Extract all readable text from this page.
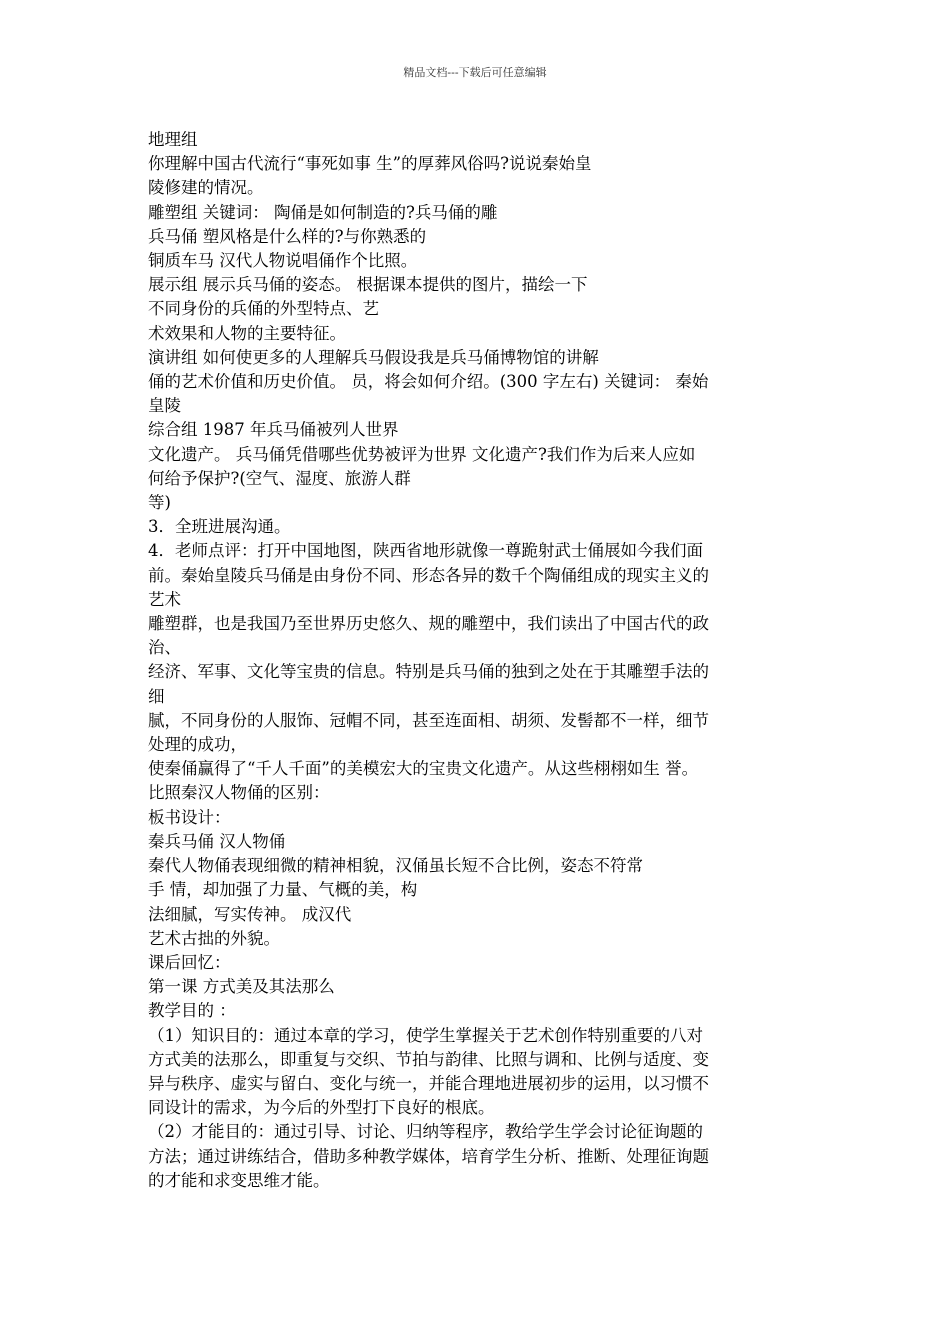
精品文档---下载后可任意编辑

地理组

你理解中国古代流行“事死如事 生”的厚葬风俗吗?说说秦始皇

陵修建的情况。

雕塑组 关键词： 陶俑是如何制造的?兵马俑的雕

兵马俑 塑风格是什么样的?与你熟悉的

铜质车马 汉代人物说唱俑作个比照。

展示组 展示兵马俑的姿态。 根据课本提供的图片，描绘一下

不同身份的兵俑的外型特点、艺

术效果和人物的主要特征。

演讲组 如何使更多的人理解兵马假设我是兵马俑博物馆的讲解

俑的艺术价值和历史价值。 员，将会如何介绍。(300 字左右) 关键词： 秦始

皇陵

综合组 1987 年兵马俑被列人世界

文化遗产。 兵马俑凭借哪些优势被评为世界 文化遗产?我们作为后来人应如

何给予保护?(空气、湿度、旅游人群

等)

3．全班进展沟通。

4．老师点评：打开中国地图，陕西省地形就像一尊跪射武士俑展如今我们面

前。秦始皇陵兵马俑是由身份不同、形态各异的数千个陶俑组成的现实主义的

艺术

雕塑群，也是我国乃至世界历史悠久、规的雕塑中，我们读出了中国古代的政

治、

经济、军事、文化等宝贵的信息。特别是兵马俑的独到之处在于其雕塑手法的

细

腻，不同身份的人服饰、冠帽不同，甚至连面相、胡须、发髻都不一样，细节

处理的成功，

使秦俑赢得了“千人千面”的美模宏大的宝贵文化遗产。从这些栩栩如生 誉。

比照秦汉人物俑的区别：

板书设计：

秦兵马俑 汉人物俑

秦代人物俑表现细微的精神相貌，汉俑虽长短不合比例，姿态不符常

手 情，却加强了力量、气概的美，构

法细腻，写实传神。 成汉代

艺术古拙的外貌。

课后回忆：

第一课 方式美及其法那么

教学目的 ：

（1）知识目的：通过本章的学习，使学生掌握关于艺术创作特别重要的八对

方式美的法那么，即重复与交织、节拍与韵律、比照与调和、比例与适度、变

异与秩序、虚实与留白、变化与统一，并能合理地进展初步的运用，以习惯不

同设计的需求，为今后的外型打下良好的根底。

（2）才能目的：通过引导、讨论、归纳等程序，教给学生学会讨论征询题的

方法；通过讲练结合，借助多种教学媒体，培育学生分析、推断、处理征询题

的才能和求变思维才能。
